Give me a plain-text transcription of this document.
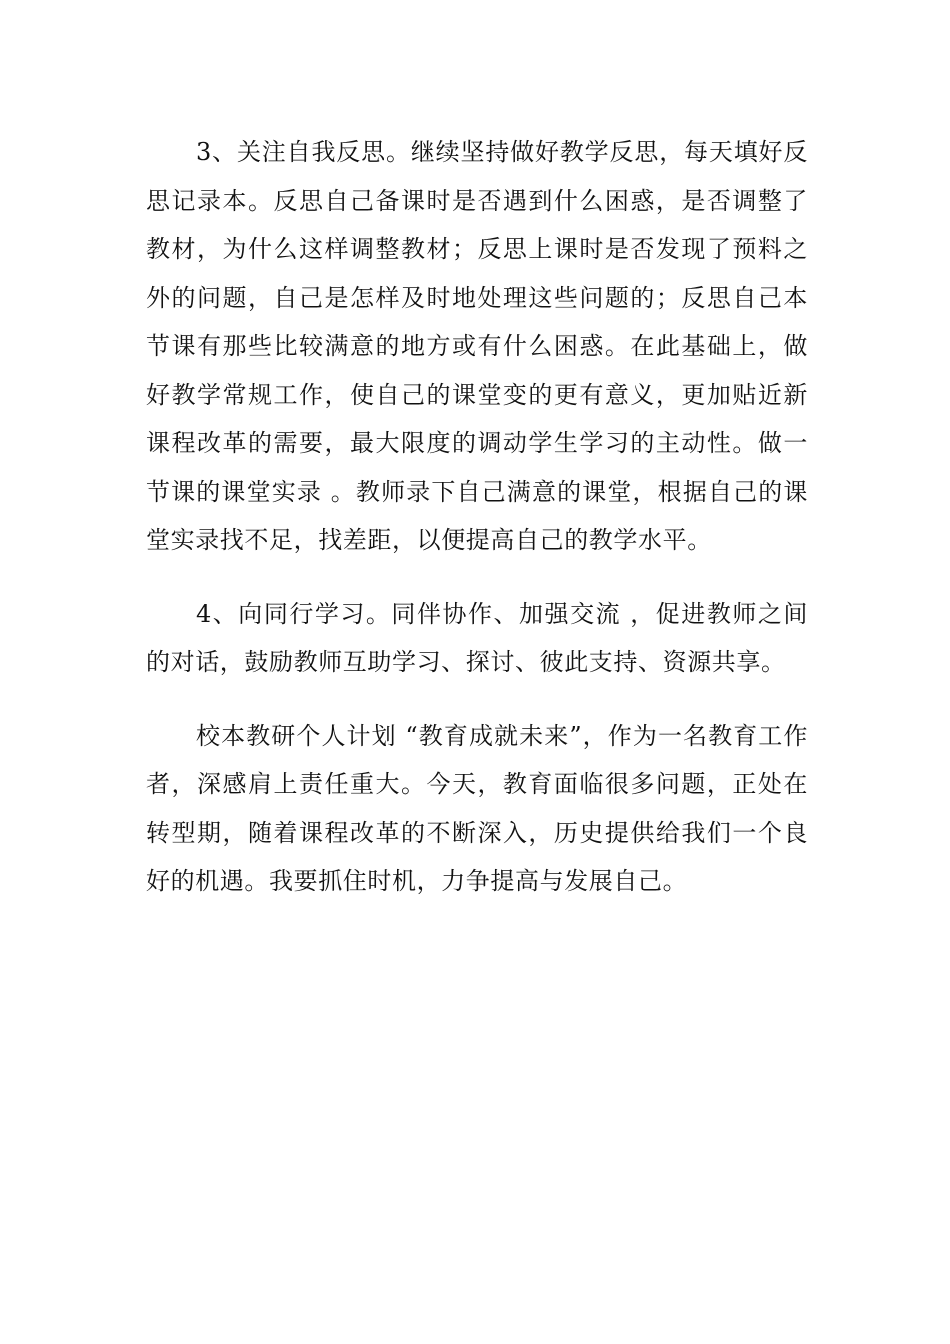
3、关注自我反思。继续坚持做好教学反思，每天填好反思记录本。反思自己备课时是否遇到什么困惑，是否调整了教材，为什么这样调整教材；反思上课时是否发现了预料之外的问题，自己是怎样及时地处理这些问题的；反思自己本节课有那些比较满意的地方或有什么困惑。在此基础上，做好教学常规工作，使自己的课堂变的更有意义，更加贴近新课程改革的需要，最大限度的调动学生学习的主动性。做一节课的课堂实录 。教师录下自己满意的课堂，根据自己的课堂实录找不足，找差距，以便提高自己的教学水平。

4、向同行学习。同伴协作、加强交流 ，促进教师之间的对话，鼓励教师互助学习、探讨、彼此支持、资源共享。

校本教研个人计划 “教育成就未来”，作为一名教育工作者，深感肩上责任重大。今天，教育面临很多问题，正处在转型期，随着课程改革的不断深入，历史提供给我们一个良好的机遇。我要抓住时机，力争提高与发展自己。
